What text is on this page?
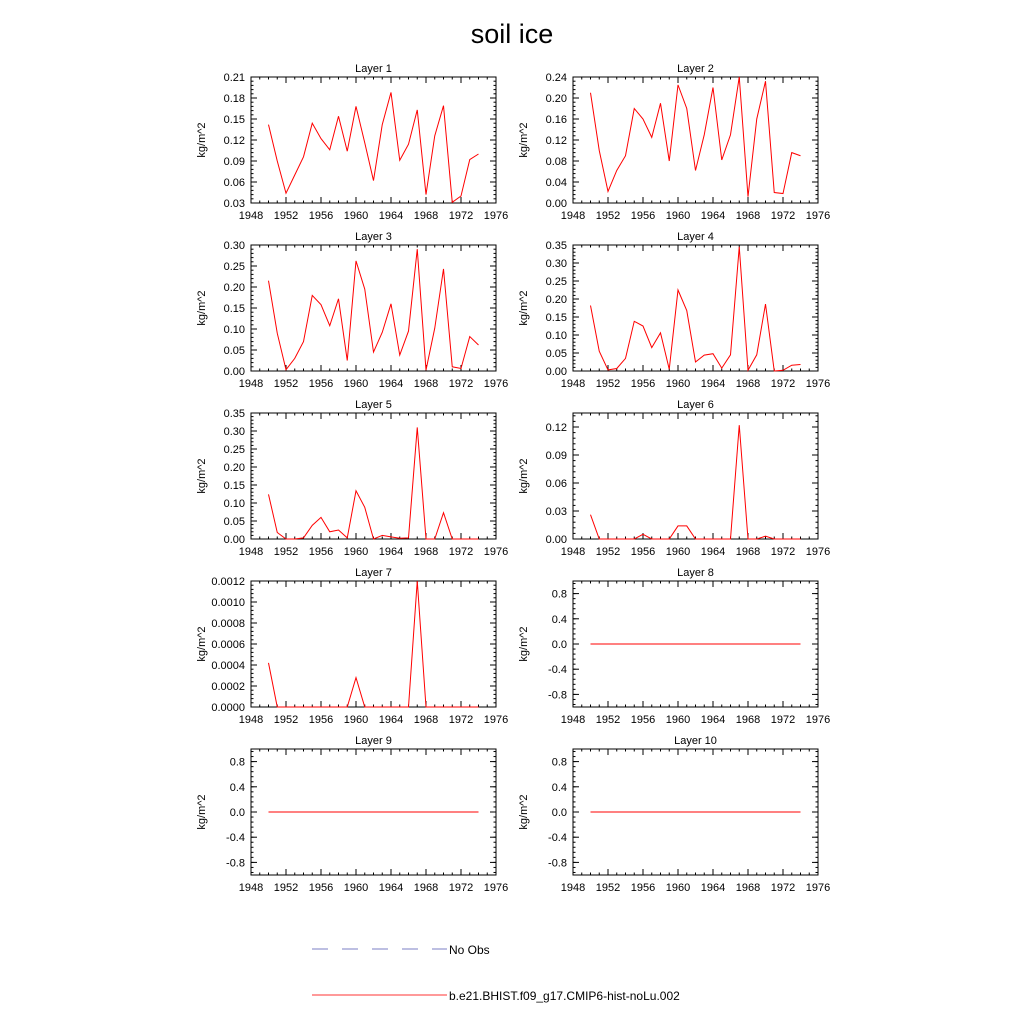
soil ice
Layer 1
kg/m^2
1948 1952 1956 1960 1964 1968 1972 1976
0.03
0.06
0.09
0.12
0.15
0.18
0.21
Layer 2
kg/m^2
1948 1952 1956 1960 1964 1968 1972 1976
0.00
0.04
0.08
0.12
0.16
0.20
0.24
Layer 3
kg/m^2
1948 1952 1956 1960 1964 1968 1972 1976
0.00
0.05
0.10
0.15
0.20
0.25
0.30
Layer 4
kg/m^2
1948 1952 1956 1960 1964 1968 1972 1976
0.00
0.05
0.10
0.15
0.20
0.25
0.30
0.35
Layer 5
kg/m^2
1948 1952 1956 1960 1964 1968 1972 1976
0.00
0.05
0.10
0.15
0.20
0.25
0.30
0.35
Layer 6
kg/m^2
1948 1952 1956 1960 1964 1968 1972 1976
0.00
0.03
0.06
0.09
0.12
Layer 7
kg/m^2
1948 1952 1956 1960 1964 1968 1972 1976
0.0000
0.0002
0.0004
0.0006
0.0008
0.0010
0.0012
Layer 8
kg/m^2
1948 1952 1956 1960 1964 1968 1972 1976
-0.8
-0.4
0.0
0.4
0.8
Layer 9
kg/m^2
1948 1952 1956 1960 1964 1968 1972 1976
-0.8
-0.4
0.0
0.4
0.8
Layer 10
kg/m^2
1948 1952 1956 1960 1964 1968 1972 1976
-0.8
-0.4
0.0
0.4
0.8
No Obs
b.e21.BHIST.f09_g17.CMIP6-hist-noLu.002
